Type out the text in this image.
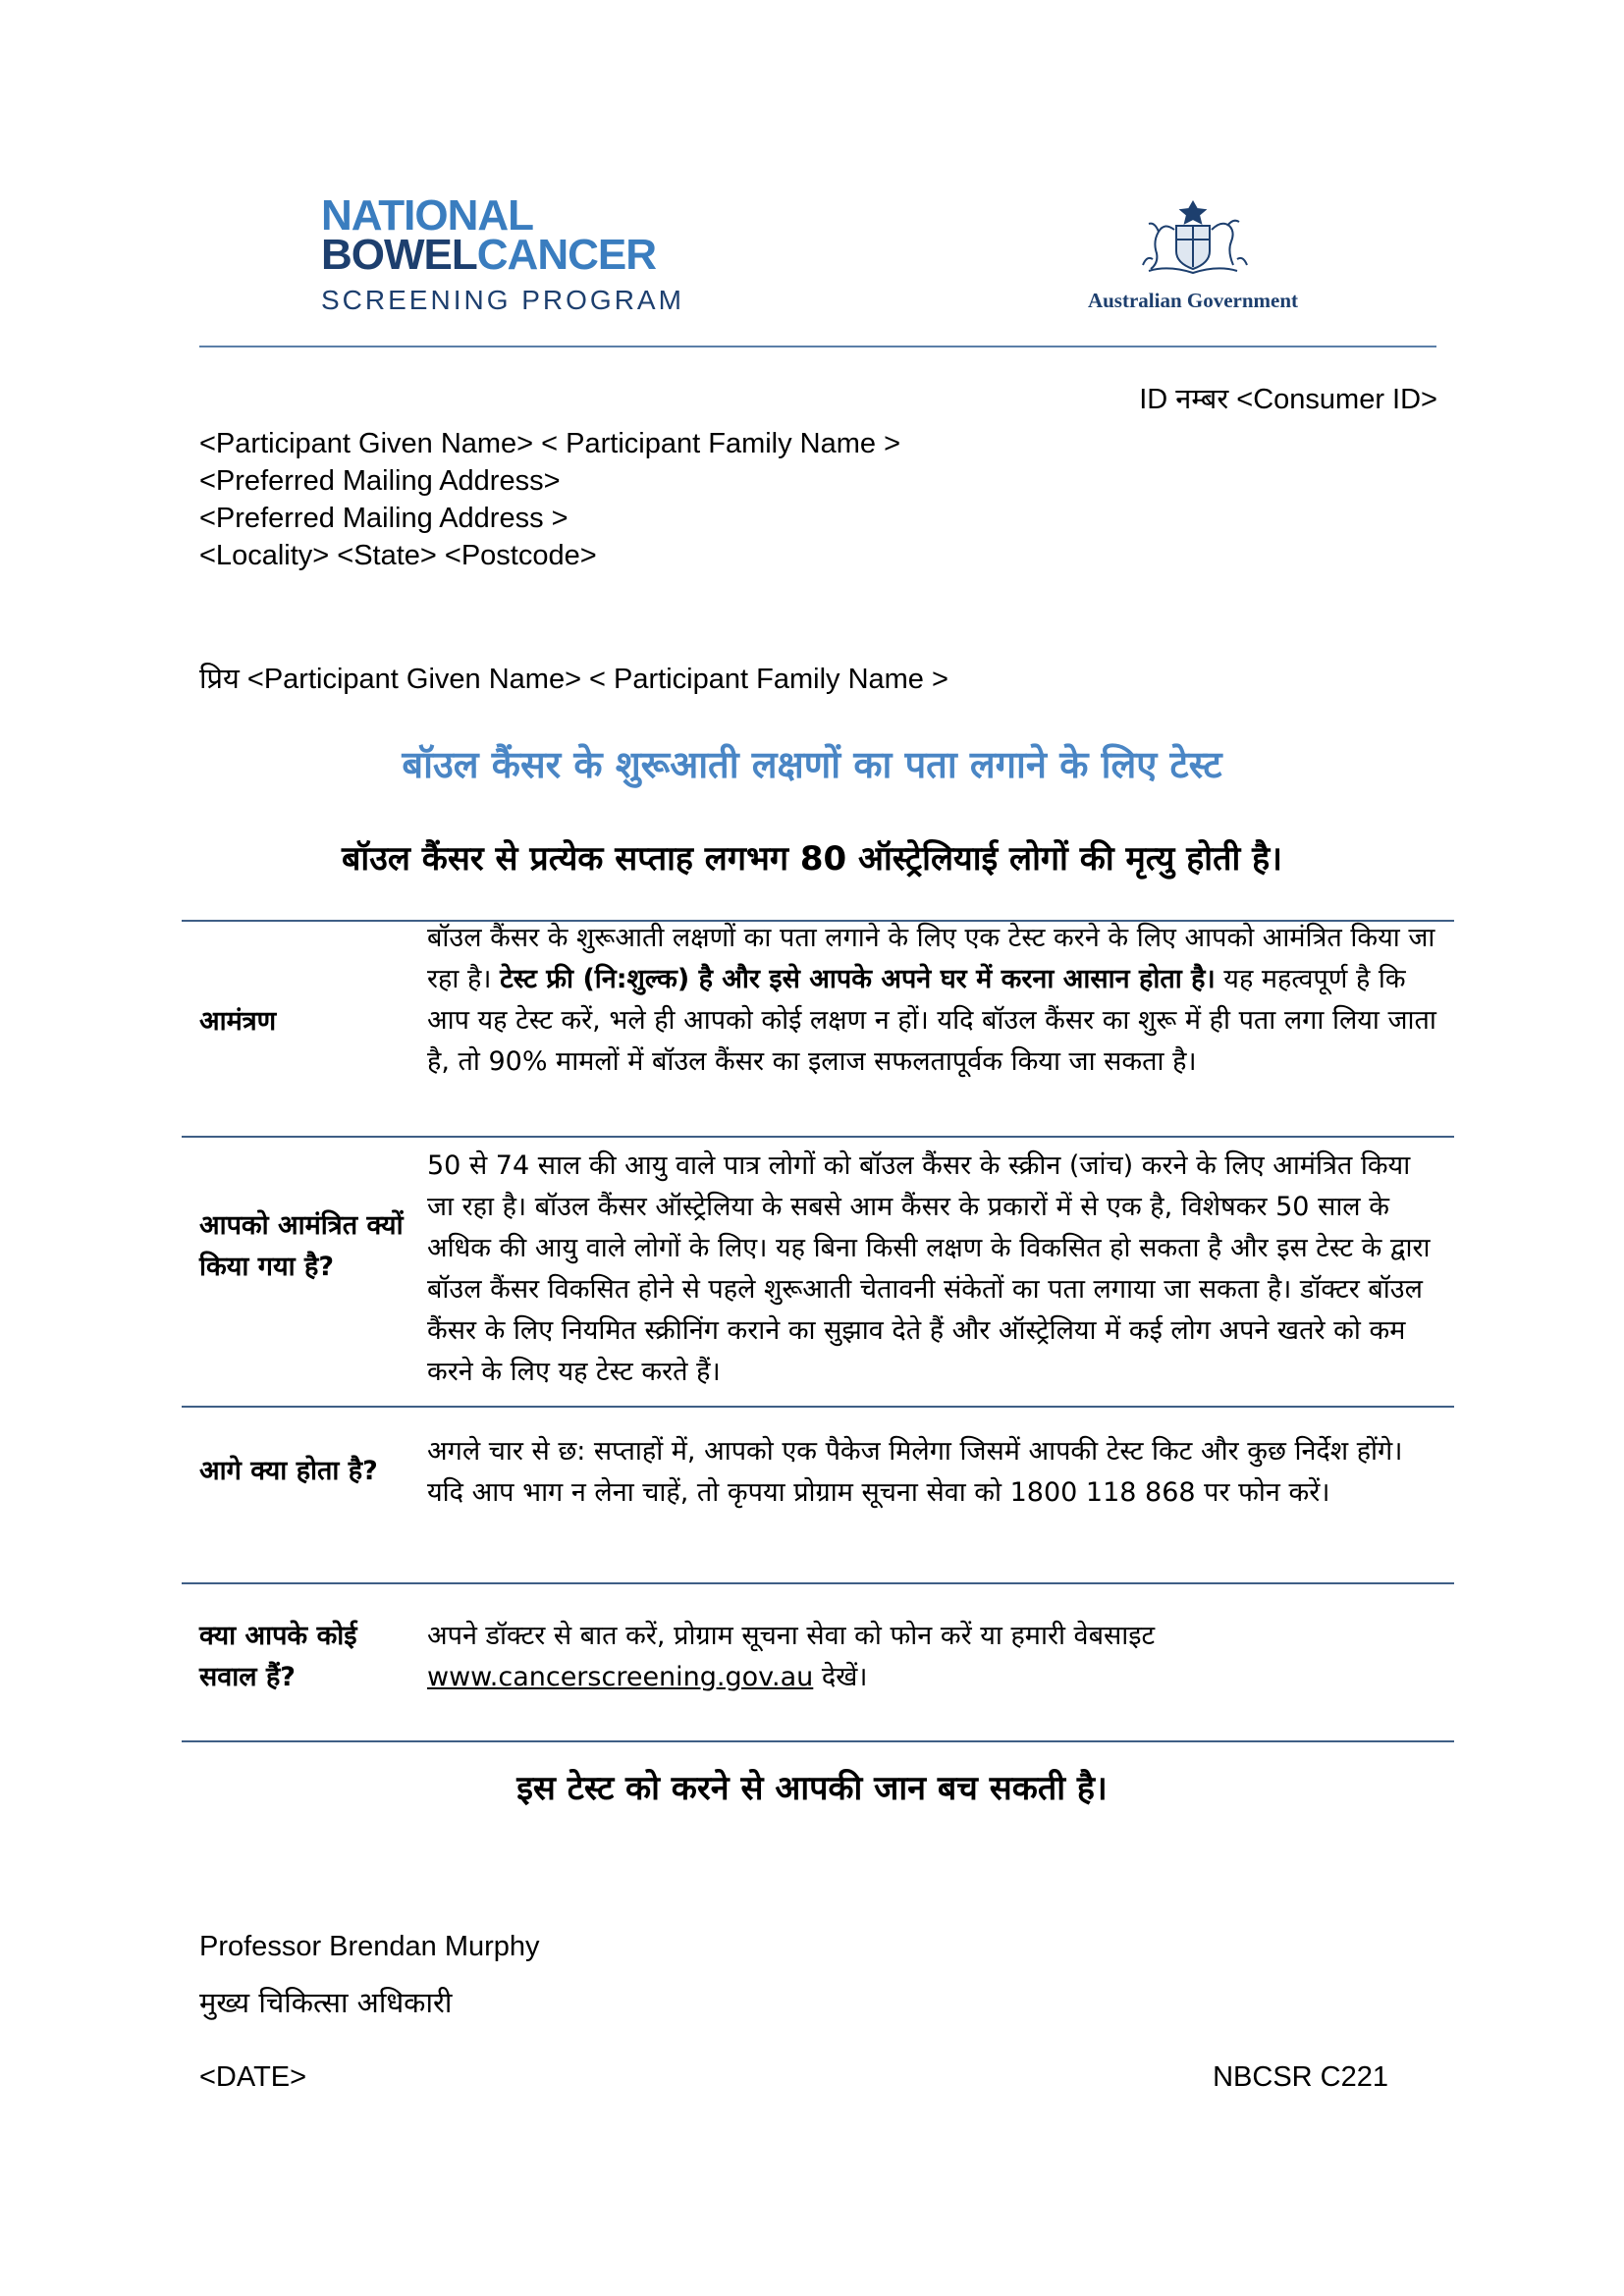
NATIONAL
BOWELCANCER
SCREENING PROGRAM	Australian Government
ID नम्बर <Consumer ID>
<Participant Given Name> < Participant Family Name >
<Preferred Mailing Address>
<Preferred Mailing Address >
<Locality> <State> <Postcode>
प्रिय <Participant Given Name> < Participant Family Name >
बॉउल कैंसर के शुरूआती लक्षणों का पता लगाने के लिए टेस्ट
बॉउल कैंसर से प्रत्येक सप्ताह लगभग 80 ऑस्ट्रेलियाई लोगों की मृत्यु होती है।
आमंत्रण
बॉउल कैंसर के शुरूआती लक्षणों का पता लगाने के लिए एक टेस्ट करने के लिए आपको आमंत्रित किया जा रहा है। टेस्ट फ्री (नि:शुल्क) है और इसे आपके अपने घर में करना आसान होता है। यह महत्वपूर्ण है कि आप यह टेस्ट करें, भले ही आपको कोई लक्षण न हों। यदि बॉउल कैंसर का शुरू में ही पता लगा लिया जाता है, तो 90% मामलों में बॉउल कैंसर का इलाज सफलतापूर्वक किया जा सकता है।
आपको आमंत्रित क्यों किया गया है?
50 से 74 साल की आयु वाले पात्र लोगों को बॉउल कैंसर के स्क्रीन (जांच) करने के लिए आमंत्रित किया जा रहा है। बॉउल कैंसर ऑस्ट्रेलिया के सबसे आम कैंसर के प्रकारों में से एक है, विशेषकर 50 साल के अधिक की आयु वाले लोगों के लिए। यह बिना किसी लक्षण के विकसित हो सकता है और इस टेस्ट के द्वारा बॉउल कैंसर विकसित होने से पहले शुरूआती चेतावनी संकेतों का पता लगाया जा सकता है। डॉक्टर बॉउल कैंसर के लिए नियमित स्क्रीनिंग कराने का सुझाव देते हैं और ऑस्ट्रेलिया में कई लोग अपने खतरे को कम करने के लिए यह टेस्ट करते हैं।
आगे क्या होता है?
अगले चार से छ: सप्ताहों में, आपको एक पैकेज मिलेगा जिसमें आपकी टेस्ट किट और कुछ निर्देश होंगे। यदि आप भाग न लेना चाहें, तो कृपया प्रोग्राम सूचना सेवा को 1800 118 868 पर फोन करें।
क्या आपके कोई सवाल हैं?
अपने डॉक्टर से बात करें, प्रोग्राम सूचना सेवा को फोन करें या हमारी वेबसाइट www.cancerscreening.gov.au देखें।
इस टेस्ट को करने से आपकी जान बच सकती है।
Professor Brendan Murphy
मुख्य चिकित्सा अधिकारी
<DATE>	NBCSR C221
